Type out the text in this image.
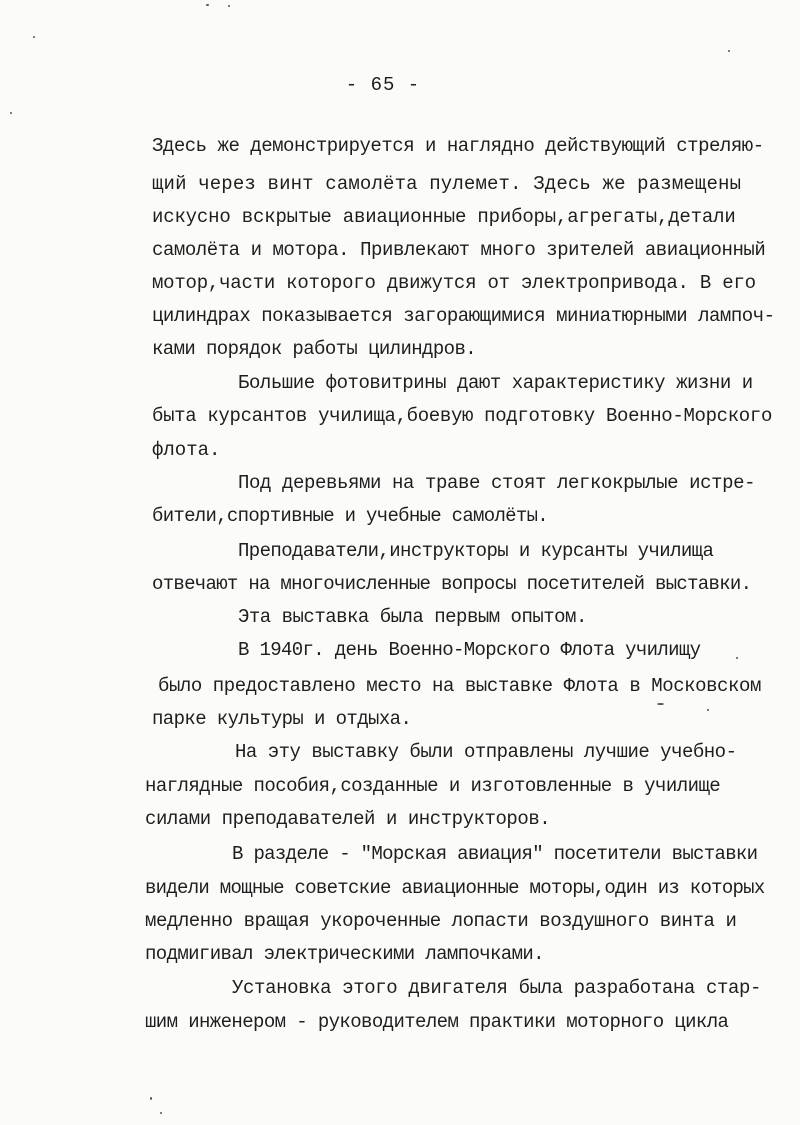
- 65 -
Здесь же демонстрируется и наглядно действующий стреляю-
щий через винт самолёта пулемет. Здесь же размещены
искусно вскрытые авиационные приборы,агрегаты,детали
самолёта и мотора. Привлекают много зрителей авиационный
мотор,части которого движутся от электропривода. В его
цилиндрах показывается загорающимися миниатюрными лампоч-
ками порядок работы цилиндров.
Большие фотовитрины дают характеристику жизни и
быта курсантов училища,боевую подготовку Военно-Морского
флота.
Под деревьями на траве стоят легкокрылые истре-
бители,спортивные и учебные самолёты.
Преподаватели,инструкторы и курсанты училища
отвечают на многочисленные вопросы посетителей выставки.
Эта выставка была первым опытом.
В 1940г. день Военно-Морского Флота училищу
было предоставлено место на выставке Флота в Московском
парке культуры и отдыха.
На эту выставку были отправлены лучшие учебно-
наглядные пособия,созданные и изготовленные в училище
силами преподавателей и инструкторов.
В разделе - "Морская авиация" посетители выставки
видели мощные советские авиационные моторы,один из которых
медленно вращая укороченные лопасти воздушного винта и
подмигивал электрическими лампочками.
Установка этого двигателя была разработана стар-
шим инженером - руководителем практики моторного цикла
